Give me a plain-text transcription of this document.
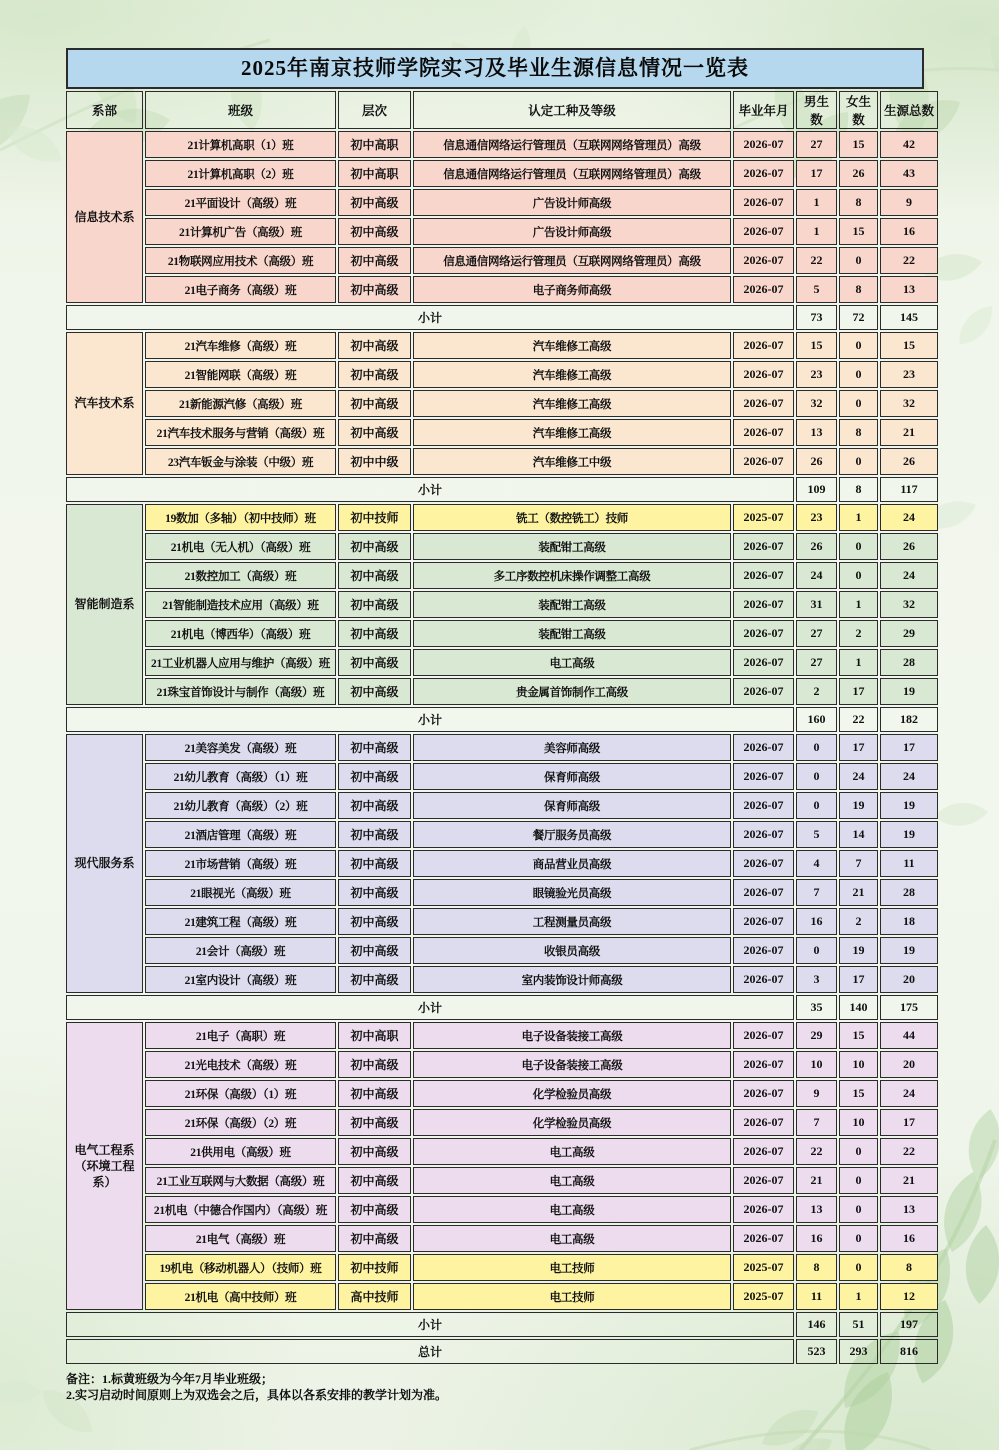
2025年南京技师学院实习及毕业生源信息情况一览表
系部	班级	层次	认定工种及等级	毕业年月	男生数	女生数	生源总数
信息技术系	21计算机高职（1）班	初中高职	信息通信网络运行管理员（互联网网络管理员）高级	2026-07	27	15	42
	21计算机高职（2）班	初中高职	信息通信网络运行管理员（互联网网络管理员）高级	2026-07	17	26	43
	21平面设计（高级）班	初中高级	广告设计师高级	2026-07	1	8	9
	21计算机广告（高级）班	初中高级	广告设计师高级	2026-07	1	15	16
	21物联网应用技术（高级）班	初中高级	信息通信网络运行管理员（互联网网络管理员）高级	2026-07	22	0	22
	21电子商务（高级）班	初中高级	电子商务师高级	2026-07	5	8	13
小计					73	72	145
汽车技术系	21汽车维修（高级）班	初中高级	汽车维修工高级	2026-07	15	0	15
	21智能网联（高级）班	初中高级	汽车维修工高级	2026-07	23	0	23
	21新能源汽修（高级）班	初中高级	汽车维修工高级	2026-07	32	0	32
	21汽车技术服务与营销（高级）班	初中高级	汽车维修工高级	2026-07	13	8	21
	23汽车钣金与涂装（中级）班	初中中级	汽车维修工中级	2026-07	26	0	26
小计					109	8	117
智能制造系	19数加（多轴）（初中技师）班	初中技师	铣工（数控铣工）技师	2025-07	23	1	24
	21机电（无人机）（高级）班	初中高级	装配钳工高级	2026-07	26	0	26
	21数控加工（高级）班	初中高级	多工序数控机床操作调整工高级	2026-07	24	0	24
	21智能制造技术应用（高级）班	初中高级	装配钳工高级	2026-07	31	1	32
	21机电（博西华）（高级）班	初中高级	装配钳工高级	2026-07	27	2	29
	21工业机器人应用与维护（高级）班	初中高级	电工高级	2026-07	27	1	28
	21珠宝首饰设计与制作（高级）班	初中高级	贵金属首饰制作工高级	2026-07	2	17	19
小计					160	22	182
现代服务系	21美容美发（高级）班	初中高级	美容师高级	2026-07	0	17	17
	21幼儿教育（高级）（1）班	初中高级	保育师高级	2026-07	0	24	24
	21幼儿教育（高级）（2）班	初中高级	保育师高级	2026-07	0	19	19
	21酒店管理（高级）班	初中高级	餐厅服务员高级	2026-07	5	14	19
	21市场营销（高级）班	初中高级	商品营业员高级	2026-07	4	7	11
	21眼视光（高级）班	初中高级	眼镜验光员高级	2026-07	7	21	28
	21建筑工程（高级）班	初中高级	工程测量员高级	2026-07	16	2	18
	21会计（高级）班	初中高级	收银员高级	2026-07	0	19	19
	21室内设计（高级）班	初中高级	室内装饰设计师高级	2026-07	3	17	20
小计					35	140	175
电气工程系（环境工程系）	21电子（高职）班	初中高职	电子设备装接工高级	2026-07	29	15	44
	21光电技术（高级）班	初中高级	电子设备装接工高级	2026-07	10	10	20
	21环保（高级）（1）班	初中高级	化学检验员高级	2026-07	9	15	24
	21环保（高级）（2）班	初中高级	化学检验员高级	2026-07	7	10	17
	21供用电（高级）班	初中高级	电工高级	2026-07	22	0	22
	21工业互联网与大数据（高级）班	初中高级	电工高级	2026-07	21	0	21
	21机电（中德合作国内）（高级）班	初中高级	电工高级	2026-07	13	0	13
	21电气（高级）班	初中高级	电工高级	2026-07	16	0	16
	19机电（移动机器人）（技师）班	初中技师	电工技师	2025-07	8	0	8
	21机电（高中技师）班	高中技师	电工技师	2025-07	11	1	12
小计					146	51	197
总计					523	293	816
备注：1.标黄班级为今年7月毕业班级；
2.实习启动时间原则上为双选会之后，具体以各系安排的教学计划为准。
